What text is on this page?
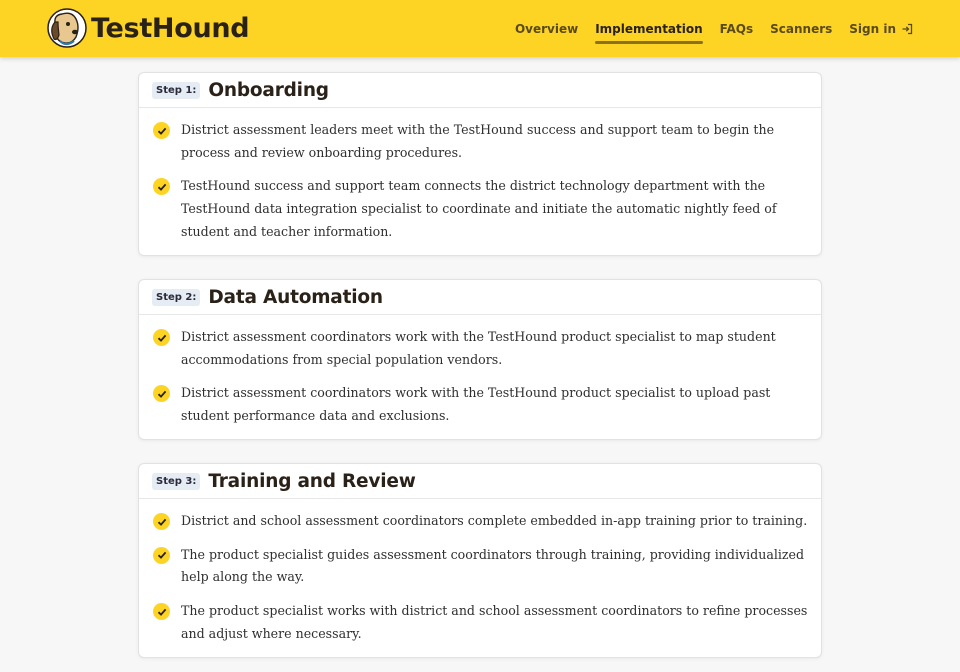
TestHound	Overview Implementation FAQs Scanners Sign in
Step 1: Onboarding
District assessment leaders meet with the TestHound success and support team to begin the process and review onboarding procedures.
TestHound success and support team connects the district technology department with the TestHound data integration specialist to coordinate and initiate the automatic nightly feed of student and teacher information.
Step 2: Data Automation
District assessment coordinators work with the TestHound product specialist to map student accommodations from special population vendors.
District assessment coordinators work with the TestHound product specialist to upload past student performance data and exclusions.
Step 3: Training and Review
District and school assessment coordinators complete embedded in-app training prior to training.
The product specialist guides assessment coordinators through training, providing individualized help along the way.
The product specialist works with district and school assessment coordinators to refine processes and adjust where necessary.
